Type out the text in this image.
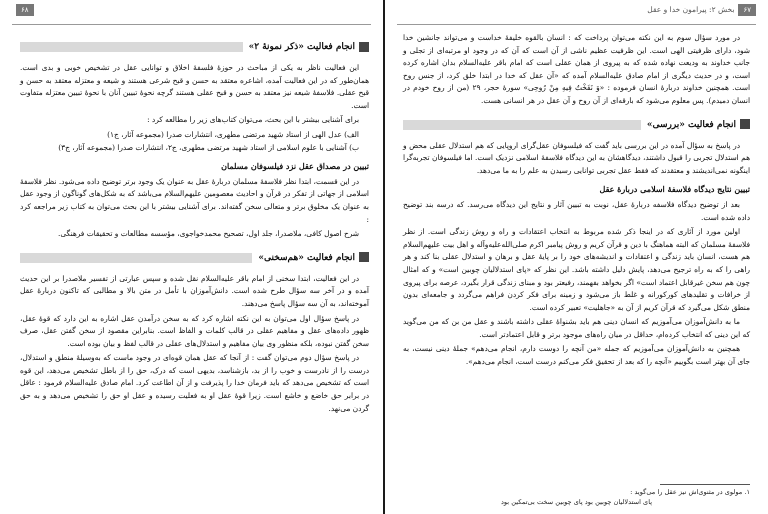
۶۸
انجام فعالیت «ذکر نمونهٔ ۲»

این فعالیت ناظر به یکی از مباحث در حوزهٔ فلسفهٔ اخلاق و توانایی عقل در تشخیص خوبی و بدی است. همان‌طور که در این فعالیت آمده، اشاعره معتقد به حسن و قبح شرعی هستند و شیعه و معتزله معتقد به حسن و قبح عقلی. فلاسفهٔ شیعه نیز معتقد به حسن و قبح عقلی هستند گرچه نحوهٔ تبیین آنان با نحوهٔ تبیین معتزله متفاوت است.

برای آشنایی بیشتر با این بحث، می‌توان کتاب‌های زیر را مطالعه کرد :

الف) عدل الهی از استاد شهید مرتضی مطهری، انتشارات صدرا (مجموعه آثار، ج۱)
ب) آشنایی با علوم اسلامی از استاد شهید مرتضی مطهری، ج۲، انتشارات صدرا (مجموعه آثار، ج۳)
تبیین در مصداق عقل نزد فیلسوفان مسلمان

در این قسمت، ابتدا نظر فلاسفهٔ مسلمان دربارهٔ عقل به عنوان یک وجود برتر توضیح داده می‌شود. نظر فلاسفهٔ اسلامی از جهاتی از تفکر در قرآن و احادیث معصومین علیهم‌السلام می‌باشد که به شکل‌های گوناگون از وجود عقل به عنوان یک مخلوق برتر و متعالی سخن گفته‌اند. برای آشنایی بیشتر با این بحث می‌توان به کتاب زیر مراجعه کرد :

شرح اصول کافی، ملاصدرا، جلد اول، تصحیح محمدخواجوی، مؤسسه مطالعات و تحقیقات فرهنگی.

انجام فعالیت «هم‌سخنی»

در این فعالیت، ابتدا سخنی از امام باقر علیه‌السلام نقل شده و سپس عبارتی از تفسیر ملاصدرا بر این حدیث آمده و در آخر سه سؤال طرح شده است. دانش‌آموزان با تأمل در متن بالا و مطالبی که تاکنون دربارهٔ عقل آموخته‌اند، به آن سه سؤال پاسخ می‌دهند.

در پاسخ سؤال اول می‌توان به این نکته اشاره کرد که به سخن درآمدن عقل اشاره به این دارد که قوهٔ عقل، ظهور داده‌های عقل و مفاهیم عقلی در قالب کلمات و الفاظ است. بنابراین مقصود از سخن گفتن عقل، صرف سخن گفتن نبوده، بلکه منظور وی بیان مفاهیم و استدلال‌های عقلی در قالب لفظ و بیان بوده است.

در پاسخ سؤال دوم می‌توان گفت : از آنجا که عقل همان قوه‌ای در وجود ماست که به‌وسیلهٔ منطق و استدلال، درست را از نادرست و خوب را از بد، بازشناسد، بدیهی است که درک، حق را از باطل تشخیص می‌دهد، این قوه است که تشخیص می‌دهد که باید فرمان خدا را پذیرفت و از آن اطاعت کرد. امام صادق علیه‌السلام فرمود : عاقل در برابر حق خاضع و خاشع است. زیرا قوهٔ عقل او به فعلیت رسیده و عقل او حق را تشخیص می‌دهد و به حق گردن می‌نهد.

۶۷بخش ۲: پیرامون خدا و عقل

در مورد سؤال سوم به این نکته می‌توان پرداخت که : انسان بالقوه خلیفهٔ خداست و می‌تواند جانشین خدا شود، دارای ظرفیتی الهی است. این ظرفیت عظیم ناشی از آن است که آن که در وجود او مرتبه‌ای از تجلی و جانب خداوند به ودیعت نهاده شده که به پیروی از همان عقلی است که امام باقر علیه‌السلام بدان اشاره کرده است، و در حدیث دیگری از امام صادق علیه‌السلام آمده که «آن عقل که خدا در ابتدا خلق کرد، از جنس روح است. همچنین خداوند دربارهٔ انسان فرموده : «وَ نَفَخْتُ فِیهِ مِنْ رُوحِی» سورهٔ حجر، ۲۹ (من از روح خودم در انسان دمیدم). پس معلوم می‌شود که بارقه‌ای از آن روح و آن عقل در هر انسانی هست.

انجام فعالیت «بررسی»

در پاسخ به سؤال آمده در این بررسی باید گفت که فیلسوفان عقل‌گرای اروپایی که هم استدلال عقلی محض و هم استدلال تجربی را قبول داشتند، دیدگاهشان به این دیدگاه فلاسفهٔ اسلامی نزدیک است. اما فیلسوفان تجربه‌گرا اینگونه نمی‌اندیشند و معتقدند که فقط عقل تجربی توانایی رسیدن به علم را به ما می‌دهد.

تبیین نتایج دیدگاه فلاسفهٔ اسلامی دربارهٔ عقل

بعد از توضیح دیدگاه فلاسفه دربارهٔ عقل، نوبت به تبیین آثار و نتایج این دیدگاه می‌رسد. که درسه بند توضیح داده شده است.

اولین مورد از آثاری که در اینجا ذکر شده مربوط به انتخاب اعتقادات و راه و روش زندگی است. از نظر فلاسفهٔ مسلمان که البته هماهنگ با دین و قرآن کریم و روش پیامبر اکرم صلی‌الله‌علیه‌وآله و اهل بیت علیهم‌السلام هم هست، انسان باید زندگی و اعتقادات و اندیشه‌های خود را بر پایهٔ عقل و برهان و استدلال عقلی بنا کند و هر راهی را که به راه ترجیح می‌دهد، پایش دلیل داشته باشد. این نظر که «پای استدلالیان چوبین است» و که امثال چون هم سخن غیرقابل اعتماد است» اگر بخواهد بفهمند، رفیعتر بود و مبنای زندگی قرار بگیرد، عرصه برای پیروی از خرافات و تقلیدهای کورکورانه و غلط باز می‌شود و زمینه برای فکر کردن فراهم می‌گردد و جامعه‌ای بدون منطق شکل می‌گیرد که قرآن کریم از آن به «جاهلیت» تعبیر کرده است.

ما به دانش‌آموزان می‌آموزیم که انسان دینی هم باید بشنواهٔ عقلی داشته باشند و عقل من بن که من می‌گوید که این دینی که انتخاب کرده‌ام، حداقل در میان راه‌های موجود برتر و قابل اعتمادتر است.

همچنین به دانش‌آموزان می‌آموزیم که جمله «من آنچه را دوست دارم، انجام می‌دهم» جملهٔ دینی نیست، به جای آن بهتر است بگوییم «آنچه را که بعد از تحقیق فکر می‌کنم درست است، انجام می‌دهم».

۱. مولوی در مثنوی‌اش نیز عقل را می‌گوید :
پای استدلالیان چوبین بود پای چوبین سخت بی‌تمکین بود
